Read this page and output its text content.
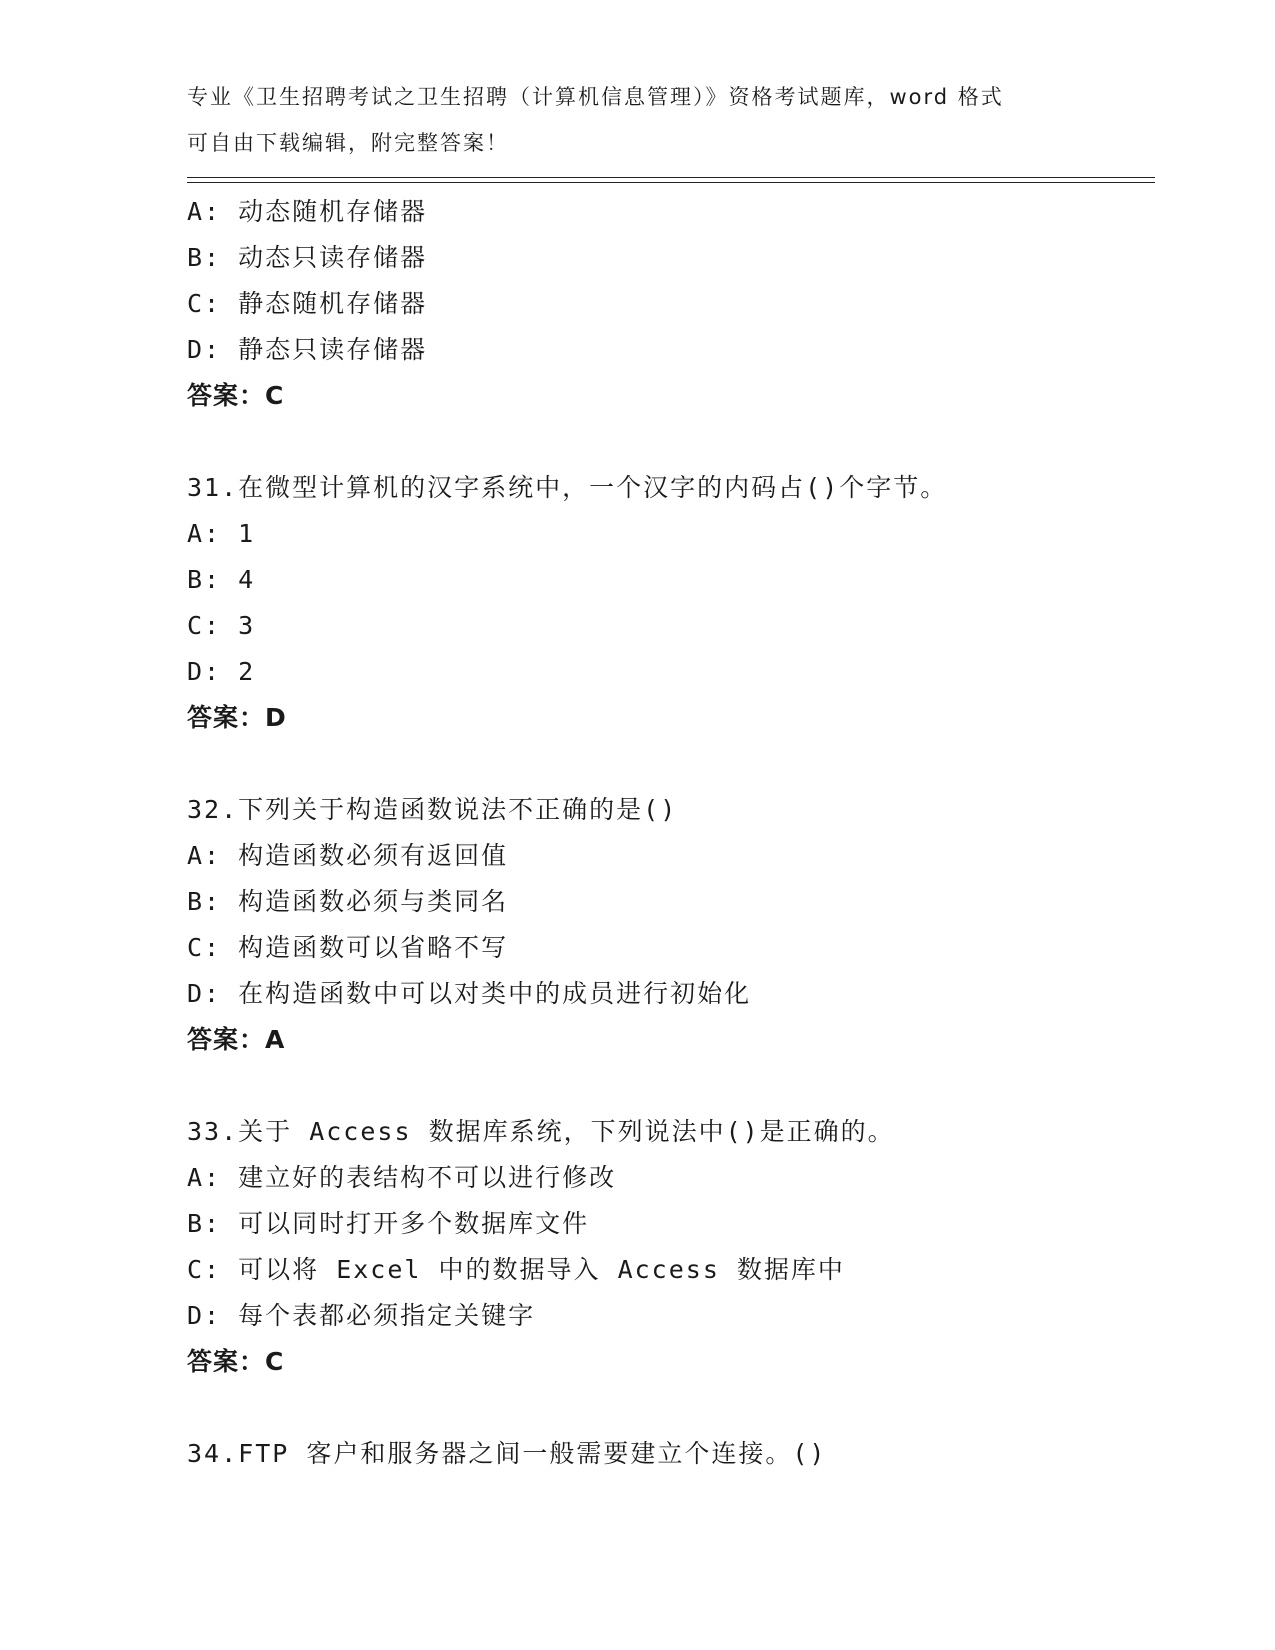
专业《卫生招聘考试之卫生招聘（计算机信息管理）》资格考试题库，word 格式
可自由下载编辑，附完整答案！
A: 动态随机存储器
B: 动态只读存储器
C: 静态随机存储器
D: 静态只读存储器
答案：C
31.在微型计算机的汉字系统中，一个汉字的内码占()个字节。
A: 1
B: 4
C: 3
D: 2
答案：D
32.下列关于构造函数说法不正确的是()
A: 构造函数必须有返回值
B: 构造函数必须与类同名
C: 构造函数可以省略不写
D: 在构造函数中可以对类中的成员进行初始化
答案：A
33.关于 Access 数据库系统，下列说法中()是正确的。
A: 建立好的表结构不可以进行修改
B: 可以同时打开多个数据库文件
C: 可以将 Excel 中的数据导入 Access 数据库中
D: 每个表都必须指定关键字
答案：C
34.FTP 客户和服务器之间一般需要建立个连接。()
